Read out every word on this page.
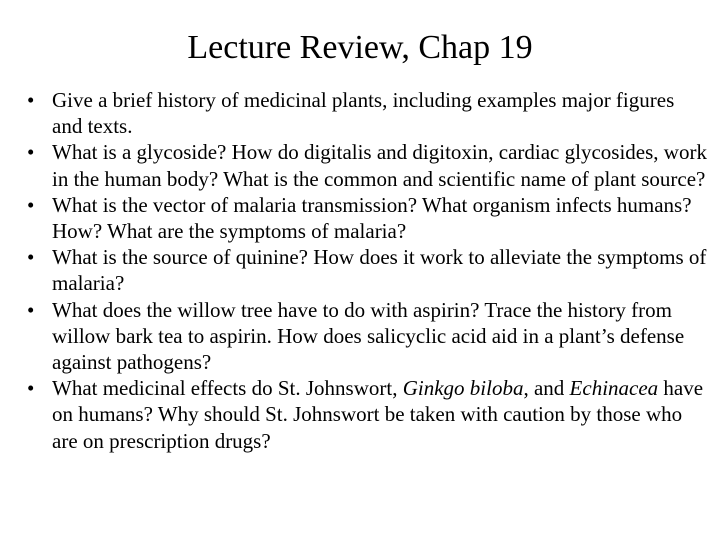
Lecture Review, Chap 19
• Give a brief history of medicinal plants, including examples major figures and texts.
• What is a glycoside? How do digitalis and digitoxin, cardiac glycosides, work in the human body? What is the common and scientific name of plant source?
• What is the vector of malaria transmission? What organism infects humans? How? What are the symptoms of malaria?
• What is the source of quinine? How does it work to alleviate the symptoms of malaria?
• What does the willow tree have to do with aspirin? Trace the history from willow bark tea to aspirin. How does salicyclic acid aid in a plant’s defense against pathogens?
• What medicinal effects do St. Johnswort, Ginkgo biloba, and Echinacea have on humans? Why should St. Johnswort be taken with caution by those who are on prescription drugs?
